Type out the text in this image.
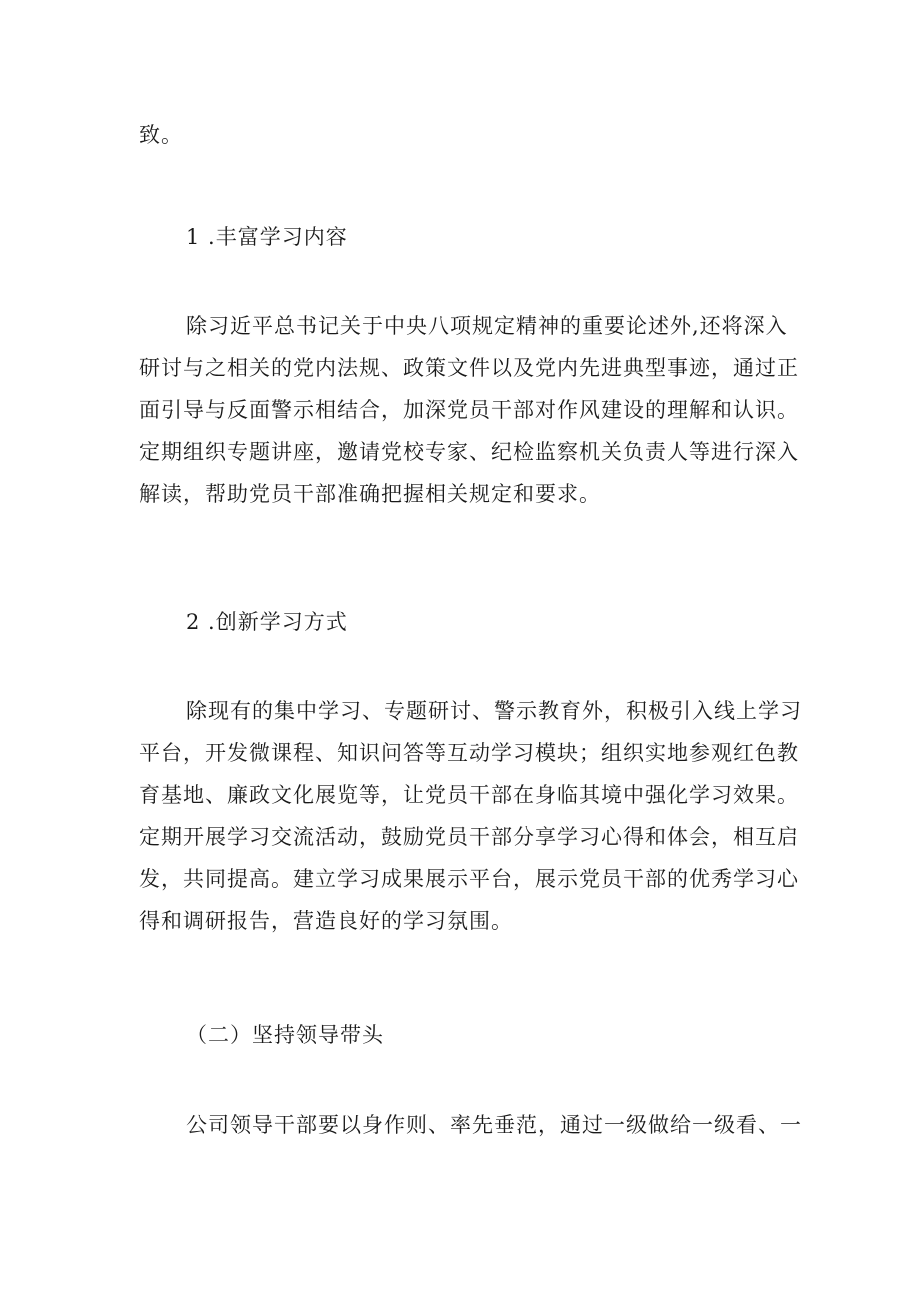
致。
1 .丰富学习内容
除习近平总书记关于中央八项规定精神的重要论述外,还将深入
研讨与之相关的党内法规、政策文件以及党内先进典型事迹，通过正
面引导与反面警示相结合，加深党员干部对作风建设的理解和认识。
定期组织专题讲座，邀请党校专家、纪检监察机关负责人等进行深入
解读，帮助党员干部准确把握相关规定和要求。
2 .创新学习方式
除现有的集中学习、专题研讨、警示教育外，积极引入线上学习
平台，开发微课程、知识问答等互动学习模块；组织实地参观红色教
育基地、廉政文化展览等，让党员干部在身临其境中强化学习效果。
定期开展学习交流活动，鼓励党员干部分享学习心得和体会，相互启
发，共同提高。建立学习成果展示平台，展示党员干部的优秀学习心
得和调研报告，营造良好的学习氛围。
（二）坚持领导带头
公司领导干部要以身作则、率先垂范，通过一级做给一级看、一
